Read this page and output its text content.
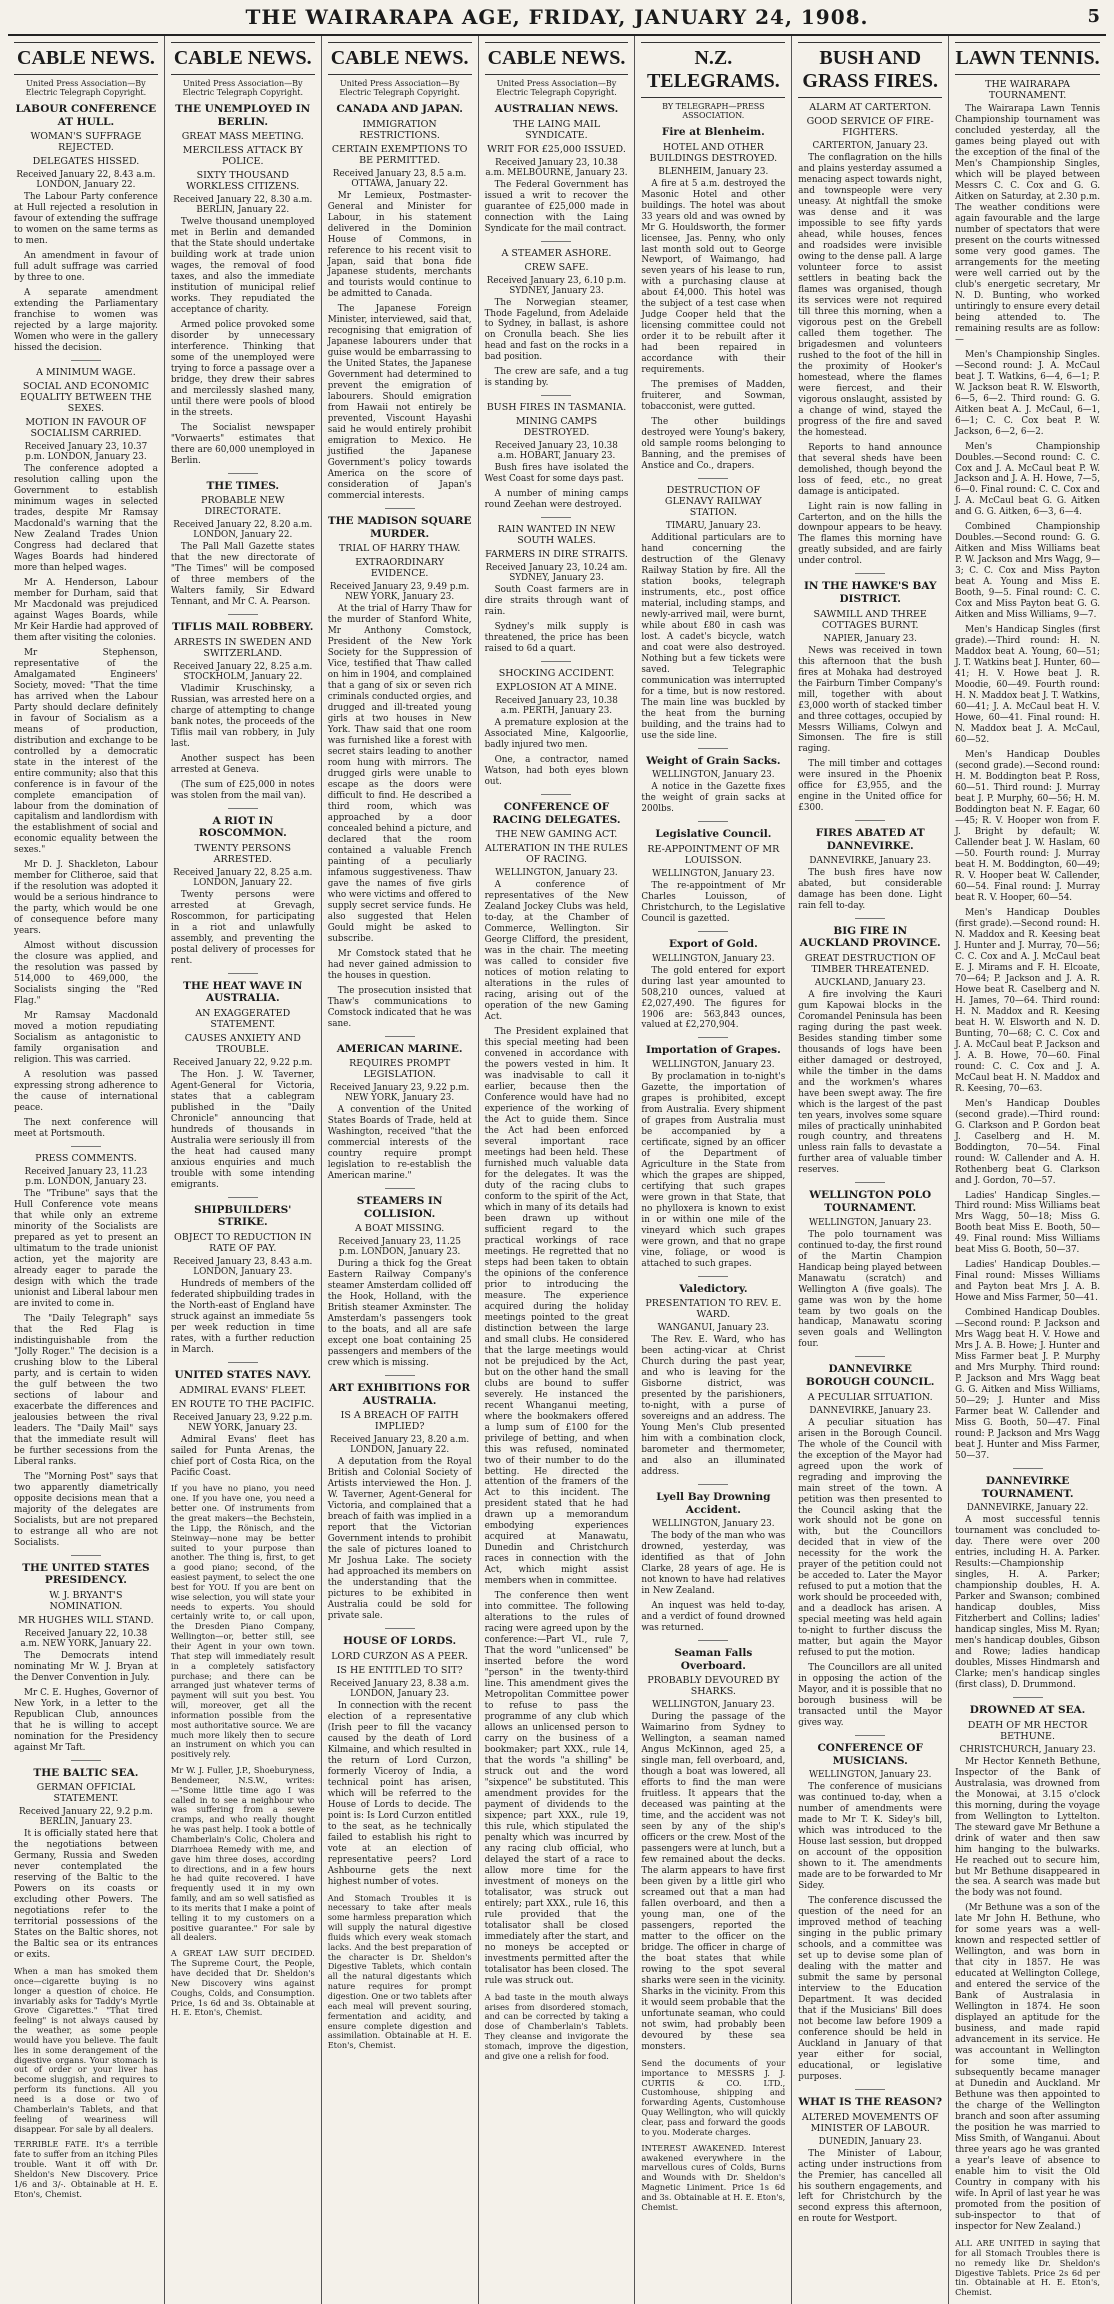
THE WAIRARAPA AGE, FRIDAY, JANUARY 24, 1908.	5
CABLE NEWS.
United Press Association—By Electric Telegraph Copyright.
LABOUR CONFERENCE AT HULL.
WOMAN'S SUFFRAGE REJECTED.
DELEGATES HISSED.
Received January 22, 8.43 a.m. LONDON, January 22.
The Labour Party conference at Hull rejected a resolution in favour of extending the suffrage to women on the same terms as to men.
An amendment in favour of full adult suffrage was carried by three to one.
A separate amendment extending the Parliamentary franchise to women was rejected by a large majority. Women who were in the gallery hissed the decision.
A MINIMUM WAGE.
SOCIAL AND ECONOMIC EQUALITY BETWEEN THE SEXES.
MOTION IN FAVOUR OF SOCIALISM CARRIED.
Received January 23, 10.37 p.m. LONDON, January 23.
The conference adopted a resolution calling upon the Government to establish minimum wages in selected trades, despite Mr Ramsay Macdonald's warning that the New Zealand Trades Union Congress had declared that Wages Boards had hindered more than helped wages.
Mr A. Henderson, Labour member for Durham, said that Mr Macdonald was prejudiced against Wages Boards, while Mr Keir Hardie had approved of them after visiting the colonies.
Mr Stephenson, representative of the Amalgamated Engineers' Society, moved: "That the time has arrived when the Labour Party should declare definitely in favour of Socialism as a means of production, distribution and exchange to be controlled by a democratic state in the interest of the entire community; also that this conference is in favour of the complete emancipation of labour from the domination of capitalism and landlordism with the establishment of social and economic equality between the sexes."
Mr D. J. Shackleton, Labour member for Clitheroe, said that if the resolution was adopted it would be a serious hindrance to the party, which would be one of consequence before many years.
Almost without discussion the closure was applied, and the resolution was passed by 514,000 to 469,000, the Socialists singing the "Red Flag."
Mr Ramsay Macdonald moved a motion repudiating Socialism as antagonistic to family organisation and religion. This was carried.
A resolution was passed expressing strong adherence to the cause of international peace.
The next conference will meet at Portsmouth.
PRESS COMMENTS.
Received January 23, 11.23 p.m. LONDON, January 23.
The "Tribune" says that the Hull Conference vote means that while only an extreme minority of the Socialists are prepared as yet to present an ultimatum to the trade unionist action, yet the majority are already eager to parade the design with which the trade unionist and Liberal labour men are invited to come in.
The "Daily Telegraph" says that the Red Flag is indistinguishable from the "Jolly Roger." The decision is a crushing blow to the Liberal party, and is certain to widen the gulf between the two sections of labour and exacerbate the differences and jealousies between the rival leaders. The "Daily Mail" says that the immediate result will be further secessions from the Liberal ranks.
The "Morning Post" says that two apparently diametrically opposite decisions mean that a majority of the delegates are Socialists, but are not prepared to estrange all who are not Socialists.
THE UNITED STATES PRESIDENCY.
W. J. BRYANT'S NOMINATION.
MR HUGHES WILL STAND.
Received January 22, 10.38 a.m. NEW YORK, January 22.
The Democrats intend nominating Mr W. J. Bryan at the Denver Convention in July.
Mr C. E. Hughes, Governor of New York, in a letter to the Republican Club, announces that he is willing to accept nomination for the Presidency against Mr Taft.
THE BALTIC SEA.
GERMAN OFFICIAL STATEMENT.
Received January 22, 9.2 p.m. BERLIN, January 23.
It is officially stated here that the negotiations between Germany, Russia and Sweden never contemplated the reserving of the Baltic to the Powers on its coasts or excluding other Powers. The negotiations refer to the territorial possessions of the States on the Baltic shores, not the Baltic sea or its entrances or exits.
When a man has smoked them once—cigarette buying is no longer a question of choice. He invariably asks for Taddy's Myrtle Grove Cigarettes." "That tired feeling" is not always caused by the weather, as some people would have you believe. The fault lies in some derangement of the digestive organs. Your stomach is out of order or your liver has become sluggish, and requires to perform its functions. All you need is a dose or two of Chamberlain's Tablets, and that feeling of weariness will disappear. For sale by all dealers.
TERRIBLE FATE. It's a terrible fate to suffer from an itching Piles trouble. Want it off with Dr. Sheldon's New Discovery. Price 1/6 and 3/-. Obtainable at H. E. Eton's, Chemist.
CABLE NEWS.
United Press Association—By Electric Telegraph Copyright.
THE UNEMPLOYED IN BERLIN.
GREAT MASS MEETING.
MERCILESS ATTACK BY POLICE.
SIXTY THOUSAND WORKLESS CITIZENS.
Received January 22, 8.30 a.m. BERLIN, January 22.
Twelve thousand unemployed met in Berlin and demanded that the State should undertake building work at trade union wages, the removal of food taxes, and also the immediate institution of municipal relief works. They repudiated the acceptance of charity.
Armed police provoked some disorder by unnecessary interference. Thinking that some of the unemployed were trying to force a passage over a bridge, they drew their sabres and mercilessly slashed many, until there were pools of blood in the streets.
The Socialist newspaper "Vorwaerts" estimates that there are 60,000 unemployed in Berlin.
THE TIMES.
PROBABLE NEW DIRECTORATE.
Received January 22, 8.20 a.m. LONDON, January 22.
The Pall Mall Gazette states that the new directorate of "The Times" will be composed of three members of the Walters family, Sir Edward Tennant, and Mr C. A. Pearson.
TIFLIS MAIL ROBBERY.
ARRESTS IN SWEDEN AND SWITZERLAND.
Received January 22, 8.25 a.m. STOCKHOLM, January 22.
Vladimir Kruschinsky, a Russian, was arrested here on a charge of attempting to change bank notes, the proceeds of the Tiflis mail van robbery, in July last.
Another suspect has been arrested at Geneva.
(The sum of £25,000 in notes was stolen from the mail van).
A RIOT IN ROSCOMMON.
TWENTY PERSONS ARRESTED.
Received January 22, 8.25 a.m. LONDON, January 22.
Twenty persons were arrested at Grevagh, Roscommon, for participating in a riot and unlawfully assembly, and preventing the postal delivery of processes for rent.
THE HEAT WAVE IN AUSTRALIA.
AN EXAGGERATED STATEMENT.
CAUSES ANXIETY AND TROUBLE.
Received January 22, 9.22 p.m.
The Hon. J. W. Taverner, Agent-General for Victoria, states that a cablegram published in the "Daily Chronicle" announcing that hundreds of thousands in Australia were seriously ill from the heat had caused many anxious enquiries and much trouble with some intending emigrants.
SHIPBUILDERS' STRIKE.
OBJECT TO REDUCTION IN RATE OF PAY.
Received January 23, 8.43 a.m. LONDON, January 23.
Hundreds of members of the federated shipbuilding trades in the North-east of England have struck against an immediate 5s per week reduction in time rates, with a further reduction in March.
UNITED STATES NAVY.
ADMIRAL EVANS' FLEET.
EN ROUTE TO THE PACIFIC.
Received January 23, 9.22 p.m. NEW YORK, January 23.
Admiral Evans' fleet has sailed for Punta Arenas, the chief port of Costa Rica, on the Pacific Coast.
If you have no piano, you need one. If you have one, you need a better one. Of instruments from the great makers—the Bechstein, the Lipp, the Rönisch, and the Steinway—none may be better suited to your purpose than another. The thing is, first, to get a good piano; second, of the easiest payment, to select the one best for YOU. If you are bent on wise selection, you will state your needs to experts. You should certainly write to, or call upon, the Dresden Piano Company, Wellington—or, better still, see their Agent in your own town. That step will immediately result in a completely satisfactory purchase; and there can be arranged just whatever terms of payment will suit you best. You will, moreover, get all the information possible from the most authoritative source. We are much more likely then to secure an instrument on which you can positively rely.
Mr W. J. Fuller, J.P., Shoeburyness, Bendemeer, N.S.W., writes:—"Some little time ago I was called in to see a neighbour who was suffering from a severe cramps, and who really thought he was past help. I took a bottle of Chamberlain's Colic, Cholera and Diarrhoea Remedy with me, and gave him three doses, according to directions, and in a few hours he had quite recovered. I have frequently used it in my own family, and am so well satisfied as to its merits that I make a point of telling it to my customers on a positive guarantee." For sale by all dealers.
A GREAT LAW SUIT DECIDED. The Supreme Court, the People, have decided that Dr. Sheldon's New Discovery wins against Coughs, Colds, and Consumption. Price, 1s 6d and 3s. Obtainable at H. E. Eton's, Chemist.
CABLE NEWS.
United Press Association—By Electric Telegraph Copyright.
CANADA AND JAPAN.
IMMIGRATION RESTRICTIONS.
CERTAIN EXEMPTIONS TO BE PERMITTED.
Received January 23, 8.5 a.m. OTTAWA, January 22.
Mr Lemieux, Postmaster-General and Minister for Labour, in his statement delivered in the Dominion House of Commons, in reference to his recent visit to Japan, said that bona fide Japanese students, merchants and tourists would continue to be admitted to Canada.
The Japanese Foreign Minister, interviewed, said that, recognising that emigration of Japanese labourers under that guise would be embarrassing to the United States, the Japanese Government had determined to prevent the emigration of labourers. Should emigration from Hawaii not entirely be prevented, Viscount Hayashi said he would entirely prohibit emigration to Mexico. He justified the Japanese Government's policy towards America on the score of consideration of Japan's commercial interests.
THE MADISON SQUARE MURDER.
TRIAL OF HARRY THAW.
EXTRAORDINARY EVIDENCE.
Received January 23, 9.49 p.m. NEW YORK, January 23.
At the trial of Harry Thaw for the murder of Stanford White, Mr Anthony Comstock, President of the New York Society for the Suppression of Vice, testified that Thaw called on him in 1904, and complained that a gang of six or seven rich criminals conducted orgies, and drugged and ill-treated young girls at two houses in New York. Thaw said that one room was furnished like a forest with secret stairs leading to another room hung with mirrors. The drugged girls were unable to escape as the doors were difficult to find. He described a third room, which was approached by a door concealed behind a picture, and declared that the room contained a valuable French painting of a peculiarly infamous suggestiveness. Thaw gave the names of five girls who were victims and offered to supply secret service funds. He also suggested that Helen Gould might be asked to subscribe.
Mr Comstock stated that he had never gained admission to the houses in question.
The prosecution insisted that Thaw's communications to Comstock indicated that he was sane.
AMERICAN MARINE.
REQUIRES PROMPT LEGISLATION.
Received January 23, 9.22 p.m. NEW YORK, January 23.
A convention of the United States Boards of Trade, held at Washington, received "that the commercial interests of the country require prompt legislation to re-establish the American marine."
STEAMERS IN COLLISION.
A BOAT MISSING.
Received January 23, 11.25 p.m. LONDON, January 23.
During a thick fog the Great Eastern Railway Company's steamer Amsterdam collided off the Hook, Holland, with the British steamer Axminster. The Amsterdam's passengers took to the boats, and all are safe except one boat containing 25 passengers and members of the crew which is missing.
ART EXHIBITIONS FOR AUSTRALIA.
IS A BREACH OF FAITH IMPLIED?
Received January 23, 8.20 a.m. LONDON, January 22.
A deputation from the Royal British and Colonial Society of Artists interviewed the Hon. J. W. Taverner, Agent-General for Victoria, and complained that a breach of faith was implied in a report that the Victorian Government intends to prohibit the sale of pictures loaned to Mr Joshua Lake. The society had approached its members on the understanding that the pictures to be exhibited in Australia could be sold for private sale.
HOUSE OF LORDS.
LORD CURZON AS A PEER.
IS HE ENTITLED TO SIT?
Received January 23, 8.38 a.m. LONDON, January 23.
In connection with the recent election of a representative (Irish peer to fill the vacancy caused by the death of Lord Kilmaine, and which resulted in the return of Lord Curzon, formerly Viceroy of India, a technical point has arisen, which will be referred to the House of Lords to decide. The point is: Is Lord Curzon entitled to the seat, as he technically failed to establish his right to vote at an election of representative peers? Lord Ashbourne gets the next highest number of votes.
And Stomach Troubles it is necessary to take after meals some harmless preparation which will supply the natural digestive fluids which every weak stomach lacks. And the best preparation of the character is Dr. Sheldon's Digestive Tablets, which contain all the natural digestants which nature requires for prompt digestion. One or two tablets after each meal will prevent souring, fermentation and acidity, and ensure complete digestion and assimilation. Obtainable at H. E. Eton's, Chemist.
CABLE NEWS.
United Press Association—By Electric Telegraph Copyright.
AUSTRALIAN NEWS.
THE LAING MAIL SYNDICATE.
WRIT FOR £25,000 ISSUED.
Received January 23, 10.38 a.m. MELBOURNE, January 23.
The Federal Government has issued a writ to recover the guarantee of £25,000 made in connection with the Laing Syndicate for the mail contract.
A STEAMER ASHORE.
CREW SAFE.
Received January 23, 6.10 p.m. SYDNEY, January 23.
The Norwegian steamer, Thode Fagelund, from Adelaide to Sydney, in ballast, is ashore on Cronulla beach. She lies head and fast on the rocks in a bad position.
The crew are safe, and a tug is standing by.
BUSH FIRES IN TASMANIA.
MINING CAMPS DESTROYED.
Received January 23, 10.38 a.m. HOBART, January 23.
Bush fires have isolated the West Coast for some days past.
A number of mining camps round Zeehan were destroyed.
RAIN WANTED IN NEW SOUTH WALES.
FARMERS IN DIRE STRAITS.
Received January 23, 10.24 am. SYDNEY, January 23.
South Coast farmers are in dire straits through want of rain.
Sydney's milk supply is threatened, the price has been raised to 6d a quart.
SHOCKING ACCIDENT.
EXPLOSION AT A MINE.
Received January 23, 10.38 a.m. PERTH, January 23.
A premature explosion at the Associated Mine, Kalgoorlie, badly injured two men.
One, a contractor, named Watson, had both eyes blown out.
CONFERENCE OF RACING DELEGATES.
THE NEW GAMING ACT.
ALTERATION IN THE RULES OF RACING.
WELLINGTON, January 23.
A conference of representatives of the New Zealand Jockey Clubs was held, to-day, at the Chamber of Commerce, Wellington. Sir George Clifford, the president, was in the chair. The meeting was called to consider five notices of motion relating to alterations in the rules of racing, arising out of the operation of the new Gaming Act.
The President explained that this special meeting had been convened in accordance with the powers vested in him. It was inadvisable to call it earlier, because then the Conference would have had no experience of the working of the Act to guide them. Since the Act had been enforced several important race meetings had been held. These furnished much valuable data for the delegates. It was the duty of the racing clubs to conform to the spirit of the Act, which in many of its details had been drawn up without sufficient regard to the practical workings of race meetings. He regretted that no steps had been taken to obtain the opinions of the conference prior to introducing the measure. The experience acquired during the holiday meetings pointed to the great distinction between the large and small clubs. He considered that the large meetings would not be prejudiced by the Act, but on the other hand the small clubs are bound to suffer severely. He instanced the recent Whanganui meeting, where the bookmakers offered a lump sum of £100 for the privilege of betting, and when this was refused, nominated two of their number to do the betting. He directed the attention of the framers of the Act to this incident. The president stated that he had drawn up a memorandum embodying experiences acquired at Manawatu, Dunedin and Christchurch races in connection with the Act, which might assist members when in committee.
The conference then went into committee. The following alterations to the rules of racing were agreed upon by the conference:—Part VI., rule 7, That the word "unlicensed" be inserted before the word "person" in the twenty-third line. This amendment gives the Metropolitan Committee power to refuse to pass the programme of any club which allows an unlicensed person to carry on the business of a bookmaker; part XXX., rule 14, that the words "a shilling" be struck out and the word "sixpence" be substituted. This amendment provides for the payment of dividends to the sixpence; part XXX., rule 19, this rule, which stipulated the penalty which was incurred by any racing club official, who delayed the start of a race to allow more time for the investment of moneys on the totalisator, was struck out entirely; part XXX., rule 16, this rule provided that the totalisator shall be closed immediately after the start, and no moneys be accepted or investments permitted after the totalisator has been closed. The rule was struck out.
A bad taste in the mouth always arises from disordered stomach, and can be corrected by taking a dose of Chamberlain's Tablets. They cleanse and invigorate the stomach, improve the digestion, and give one a relish for food.
N.Z. TELEGRAMS.
BY TELEGRAPH—PRESS ASSOCIATION.
Fire at Blenheim.
HOTEL AND OTHER BUILDINGS DESTROYED.
BLENHEIM, January 23.
A fire at 5 a.m. destroyed the Masonic Hotel and other buildings. The hotel was about 33 years old and was owned by Mr G. Houldsworth, the former licensee, Jas. Penny, who only last month sold out to George Newport, of Waimango, had seven years of his lease to run, with a purchasing clause at about £4,000. This hotel was the subject of a test case when Judge Cooper held that the licensing committee could not order it to be rebuilt after it had been repaired in accordance with their requirements.
The premises of Madden, fruiterer, and Sowman, tobacconist, were gutted.
The other buildings destroyed were Young's bakery, old sample rooms belonging to Banning, and the premises of Anstice and Co., drapers.
DESTRUCTION OF GLENAVY RAILWAY STATION.
TIMARU, January 23.
Additional particulars are to hand concerning the destruction of the Glenavy Railway Station by fire. All the station books, telegraph instruments, etc., post office material, including stamps, and newly-arrived mail, were burnt, while about £80 in cash was lost. A cadet's bicycle, watch and coat were also destroyed. Nothing but a few tickets were saved. Telegraphic communication was interrupted for a time, but is now restored. The main line was buckled by the heat from the burning building, and the trains had to use the side line.
Weight of Grain Sacks.
WELLINGTON, January 23.
A notice in the Gazette fixes the weight of grain sacks at 200lbs.
Legislative Council.
RE-APPOINTMENT OF MR LOUISSON.
WELLINGTON, January 23.
The re-appointment of Mr Charles Louisson, of Christchurch, to the Legislative Council is gazetted.
Export of Gold.
WELLINGTON, January 23.
The gold entered for export during last year amounted to 508,210 ounces, valued at £2,027,490. The figures for 1906 are: 563,843 ounces, valued at £2,270,904.
Importation of Grapes.
WELLINGTON, January 23.
By proclamation in to-night's Gazette, the importation of grapes is prohibited, except from Australia. Every shipment of grapes from Australia must be accompanied by a certificate, signed by an officer of the Department of Agriculture in the State from which the grapes are shipped, certifying that such grapes were grown in that State, that no phylloxera is known to exist in or within one mile of the vineyard which such grapes were grown, and that no grape vine, foliage, or wood is attached to such grapes.
Valedictory.
PRESENTATION TO REV. E. WARD.
WANGANUI, January 23.
The Rev. E. Ward, who has been acting-vicar at Christ Church during the past year, and who is leaving for the Gisborne district, was presented by the parishioners, to-night, with a purse of sovereigns and an address. The Young Men's Club presented him with a combination clock, barometer and thermometer, and also an illuminated address.
Lyell Bay Drowning Accident.
WELLINGTON, January 23.
The body of the man who was drowned, yesterday, was identified as that of John Clarke, 28 years of age. He is not known to have had relatives in New Zealand.
An inquest was held to-day, and a verdict of found drowned was returned.
Seaman Falls Overboard.
PROBABLY DEVOURED BY SHARKS.
WELLINGTON, January 23.
During the passage of the Waimarino from Sydney to Wellington, a seaman named Angus McKinnon, aged 25, a single man, fell overboard, and, though a boat was lowered, all efforts to find the man were fruitless. It appears that the deceased was painting at the time, and the accident was not seen by any of the ship's officers or the crew. Most of the passengers were at lunch, but a few remained about the decks. The alarm appears to have first been given by a little girl who screamed out that a man had fallen overboard, and then a young man, one of the passengers, reported the matter to the officer on the bridge. The officer in charge of the boat states that while rowing to the spot several sharks were seen in the vicinity. Sharks in the vicinity. From this it would seem probable that the unfortunate seaman, who could not swim, had probably been devoured by these sea monsters.
Send the documents of your importance to MESSRS J. J. CURTIS & CO. LTD., Customhouse, shipping and forwarding Agents, Customhouse Quay Wellington, who will quickly clear, pass and forward the goods to you. Moderate charges.
INTEREST AWAKENED. Interest awakened everywhere in the marvellous cures of Colds, Burns and Wounds with Dr. Sheldon's Magnetic Liniment. Price 1s 6d and 3s. Obtainable at H. E. Eton's, Chemist.
BUSH AND GRASS FIRES.
ALARM AT CARTERTON.
GOOD SERVICE OF FIRE-FIGHTERS.
CARTERTON, January 23.
The conflagration on the hills and plains yesterday assumed a menacing aspect towards night, and townspeople were very uneasy. At nightfall the smoke was dense and it was impossible to see fifty yards ahead, while houses, fences and roadsides were invisible owing to the dense pall. A large volunteer force to assist settlers in beating back the flames was organised, though its services were not required till three this morning, when a vigorous pest on the Grebell called them together. The brigadesmen and volunteers rushed to the foot of the hill in the proximity of Hooker's homestead, where the flames were fiercest, and their vigorous onslaught, assisted by a change of wind, stayed the progress of the fire and saved the homestead.
Reports to hand announce that several sheds have been demolished, though beyond the loss of feed, etc., no great damage is anticipated.
Light rain is now falling in Carterton, and on the hills the downpour appears to be heavy. The flames this morning have greatly subsided, and are fairly under control.
IN THE HAWKE'S BAY DISTRICT.
SAWMILL AND THREE COTTAGES BURNT.
NAPIER, January 23.
News was received in town this afternoon that the bush fires at Mohaka had destroyed the Fairburn Timber Company's mill, together with about £3,000 worth of stacked timber and three cottages, occupied by Messrs Williams, Colwyn and Simonsen. The fire is still raging.
The mill timber and cottages were insured in the Phoenix office for £3,955, and the engine in the United office for £300.
FIRES ABATED AT DANNEVIRKE.
DANNEVIRKE, January 23.
The bush fires have now abated, but considerable damage has been done. Light rain fell to-day.
BIG FIRE IN AUCKLAND PROVINCE.
GREAT DESTRUCTION OF TIMBER THREATENED.
AUCKLAND, January 23.
A fire involving the Kauri gum Kapowai blocks in the Coromandel Peninsula has been raging during the past week. Besides standing timber some thousands of logs have been either damaged or destroyed, while the timber in the dams and the workmen's whares have been swept away. The fire which is the largest of the past ten years, involves some square miles of practically uninhabited rough country, and threatens unless rain falls to devastate a further area of valuable timber reserves.
WELLINGTON POLO TOURNAMENT.
WELLINGTON, January 23.
The polo tournament was continued to-day, the first round of the Martin Champion Handicap being played between Manawatu (scratch) and Wellington A (five goals). The game was won by the home team by two goals on the handicap, Manawatu scoring seven goals and Wellington four.
DANNEVIRKE BOROUGH COUNCIL.
A PECULIAR SITUATION.
DANNEVIRKE, January 23.
A peculiar situation has arisen in the Borough Council. The whole of the Council with the exception of the Mayor had agreed upon the work of regrading and improving the main street of the town. A petition was then presented to the Council asking that the work should not be gone on with, but the Councillors decided that in view of the necessity for the work the prayer of the petition could not be acceded to. Later the Mayor refused to put a motion that the work should be proceeded with, and a deadlock has arisen. A special meeting was held again to-night to further discuss the matter, but again the Mayor refused to put the motion.
The Councillors are all united in opposing the action of the Mayor, and it is possible that no borough business will be transacted until the Mayor gives way.
CONFERENCE OF MUSICIANS.
WELLINGTON, January 23.
The conference of musicians was continued to-day, when a number of amendments were made to Mr T. K. Sidey's bill, which was introduced to the House last session, but dropped on account of the opposition shown to it. The amendments made are to be forwarded to Mr Sidey.
The conference discussed the question of the need for an improved method of teaching singing in the public primary schools, and a committee was set up to devise some plan of dealing with the matter and submit the same by personal interview to the Education Department. It was decided that if the Musicians' Bill does not become law before 1909 a conference should be held in Auckland in January of that year either for social, educational, or legislative purposes.
WHAT IS THE REASON?
ALTERED MOVEMENTS OF MINISTER OF LABOUR.
DUNEDIN, January 23.
The Minister of Labour, acting under instructions from the Premier, has cancelled all his southern engagements, and left for Christchurch by the second express this afternoon, en route for Westport.
LAWN TENNIS.
THE WAIRARAPA TOURNAMENT.
The Wairarapa Lawn Tennis Championship tournament was concluded yesterday, all the games being played out with the exception of the final of the Men's Championship Singles, which will be played between Messrs C. C. Cox and G. G. Aitken on Saturday, at 2.30 p.m. The weather conditions were again favourable and the large number of spectators that were present on the courts witnessed some very good games. The arrangements for the meeting were well carried out by the club's energetic secretary, Mr N. D. Bunting, who worked untiringly to ensure every detail being attended to. The remaining results are as follow:—
Men's Championship Singles.—Second round: J. A. McCaul beat J. T. Watkins, 6—4, 6—1; P. W. Jackson beat R. W. Elsworth, 6—5, 6—2. Third round: G. G. Aitken beat A. J. McCaul, 6—1, 6—1; C. C. Cox beat P. W. Jackson, 6—2, 6—2.
Men's Championship Doubles.—Second round: C. C. Cox and J. A. McCaul beat P. W. Jackson and J. A. H. Howe, 7—5, 6—0. Final round: C. C. Cox and J. A. McCaul beat G. G. Aitken and G. G. Aitken, 6—3, 6—4.
Combined Championship Doubles.—Second round: G. G. Aitken and Miss Williams beat P. W. Jackson and Mrs Wagg, 9—3; C. C. Cox and Miss Payton beat A. Young and Miss E. Booth, 9—5. Final round: C. C. Cox and Miss Payton beat G. G. Aitken and Miss Williams, 9—7.
Men's Handicap Singles (first grade).—Third round: H. N. Maddox beat A. Young, 60—51; J. T. Watkins beat J. Hunter, 60—41; H. V. Howe beat J. R. Moodie, 60—49. Fourth round: H. N. Maddox beat J. T. Watkins, 60—41; J. A. McCaul beat H. V. Howe, 60—41. Final round: H. N. Maddox beat J. A. McCaul, 60—52.
Men's Handicap Doubles (second grade).—Second round: H. M. Boddington beat P. Ross, 60—51. Third round: J. Murray beat J. P. Murphy, 60—56; H. M. Boddington beat N. F. Eagar, 60—45; R. V. Hooper won from F. J. Bright by default; W. Callender beat J. W. Haslam, 60—50. Fourth round: J. Murray beat H. M. Boddington, 60—49; R. V. Hooper beat W. Callender, 60—54. Final round: J. Murray beat R. V. Hooper, 60—54.
Men's Handicap Doubles (first grade).—Second round: H. N. Maddox and R. Keesing beat J. Hunter and J. Murray, 70—56; C. C. Cox and A. J. McCaul beat E. J. Mirams and F. H. Elcoate, 70—64; P. Jackson and J. A. R. Howe beat R. Caselberg and N. H. James, 70—64. Third round: H. N. Maddox and R. Keesing beat H. W. Elsworth and N. D. Bunting, 70—68; C. C. Cox and J. A. McCaul beat P. Jackson and J. A. B. Howe, 70—60. Final round: C. C. Cox and J. A. McCaul beat H. N. Maddox and R. Keesing, 70—63.
Men's Handicap Doubles (second grade).—Third round: G. Clarkson and P. Gordon beat J. Caselberg and H. M. Boddington, 70—54. Final round: W. Callender and A. H. Rothenberg beat G. Clarkson and J. Gordon, 70—57.
Ladies' Handicap Singles.—Third round: Miss Williams beat Mrs Wagg, 50—18; Miss G. Booth beat Miss E. Booth, 50—49. Final round: Miss Williams beat Miss G. Booth, 50—37.
Ladies' Handicap Doubles.—Final round: Misses Williams and Payton beat Mrs J. A. B. Howe and Miss Farmer, 50—41.
Combined Handicap Doubles.—Second round: P. Jackson and Mrs Wagg beat H. V. Howe and Mrs J. A. B. Howe; J. Hunter and Miss Farmer beat J. P. Murphy and Mrs Murphy. Third round: P. Jackson and Mrs Wagg beat G. G. Aitken and Miss Williams, 50—29; J. Hunter and Miss Farmer beat W. Callender and Miss G. Booth, 50—47. Final round: P. Jackson and Mrs Wagg beat J. Hunter and Miss Farmer, 50—37.
DANNEVIRKE TOURNAMENT.
DANNEVIRKE, January 22.
A most successful tennis tournament was concluded to-day. There were over 200 entries, including H. A. Parker. Results:—Championship singles, H. A. Parker; championship doubles, H. A. Parker and Swanson; combined handicap doubles, Miss Fitzherbert and Collins; ladies' handicap singles, Miss M. Ryan; men's handicap doubles, Gibson and Rowe; ladies handicap doubles, Misses Hindmarsh and Clarke; men's handicap singles (first class), D. Drummond.
DROWNED AT SEA.
DEATH OF MR HECTOR BETHUNE.
CHRISTCHURCH, January 23.
Mr Hector Kenneth Bethune, Inspector of the Bank of Australasia, was drowned from the Monowai, at 3.15 o'clock this morning, during the voyage from Wellington to Lyttelton. The steward gave Mr Bethune a drink of water and then saw him hanging to the bulwarks. He reached out to secure him, but Mr Bethune disappeared in the sea. A search was made but the body was not found.
(Mr Bethune was a son of the late Mr John H. Bethune, who for some years was a well-known and respected settler of Wellington, and was born in that city in 1857. He was educated at Wellington College, and entered the service of the Bank of Australasia in Wellington in 1874. He soon displayed an aptitude for the business, and made rapid advancement in its service. He was accountant in Wellington for some time, and subsequently became manager at Dunedin and Auckland. Mr Bethune was then appointed to the charge of the Wellington branch and soon after assuming the position he was married to Miss Smith, of Wanganui. About three years ago he was granted a year's leave of absence to enable him to visit the Old Country in company with his wife. In April of last year he was promoted from the position of sub-inspector to that of inspector for New Zealand.)
ALL ARE UNITED in saying that for all Stomach Troubles there is no remedy like Dr. Sheldon's Digestive Tablets. Price 2s 6d per tin. Obtainable at H. E. Eton's, Chemist.
